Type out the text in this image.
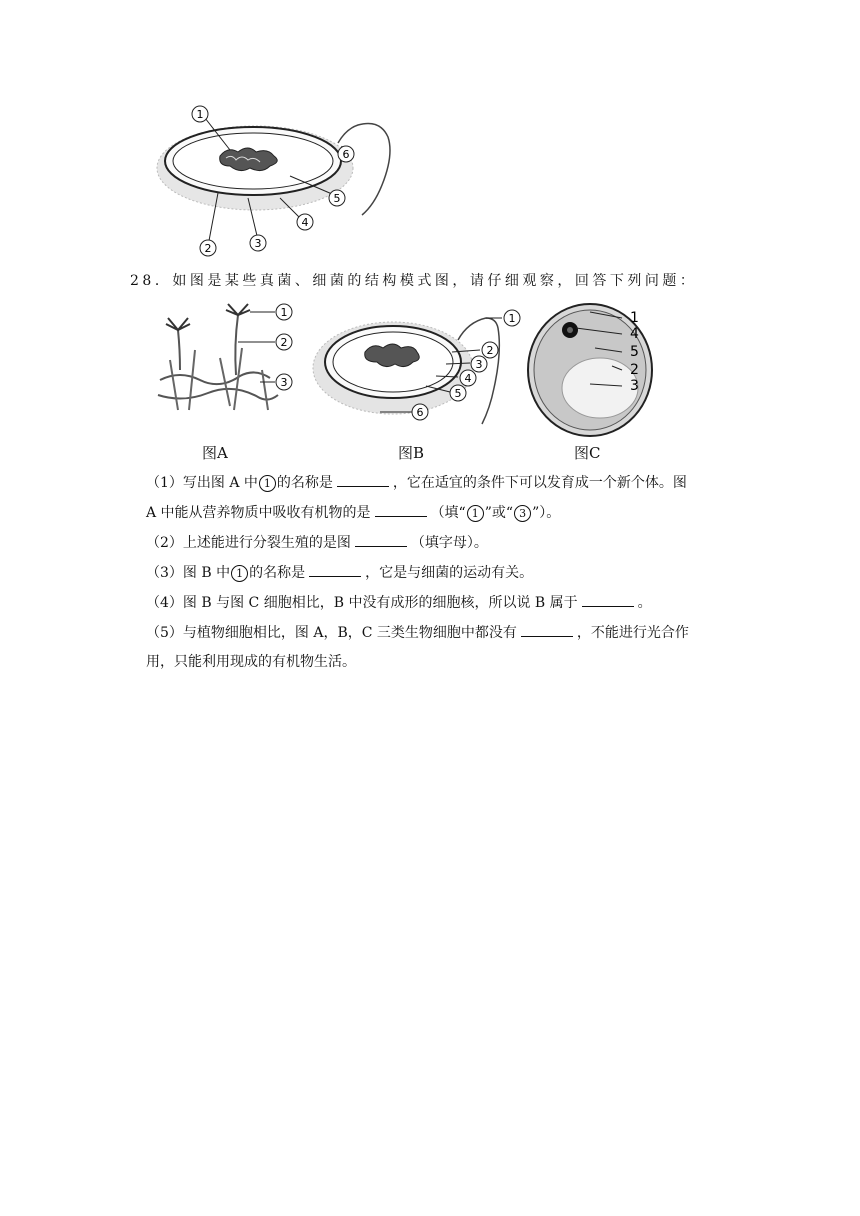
1
2	3
4
5
6
28．如图是某些真菌、细菌的结构模式图，请仔细观察，回答下列问题：
1
2
3
1
2
3
4
5
6
1
4
5
2
3
图A	图B	图C
（1）写出图 A 中 1 的名称是	，它在适宜的条件下可以发育成一个新个体。图
A 中能从营养物质中吸收有机物的是	（填“ 1 ”或“ 3 ”）。
（2）上述能进行分裂生殖的是图	（填字母）。
（3）图 B 中 1 的名称是	，它是与细菌的运动有关。
（4）图 B 与图 C 细胞相比，B 中没有成形的细胞核，所以说 B 属于	。
（5）与植物细胞相比，图 A，B，C 三类生物细胞中都没有	，不能进行光合作
用，只能利用现成的有机物生活。
